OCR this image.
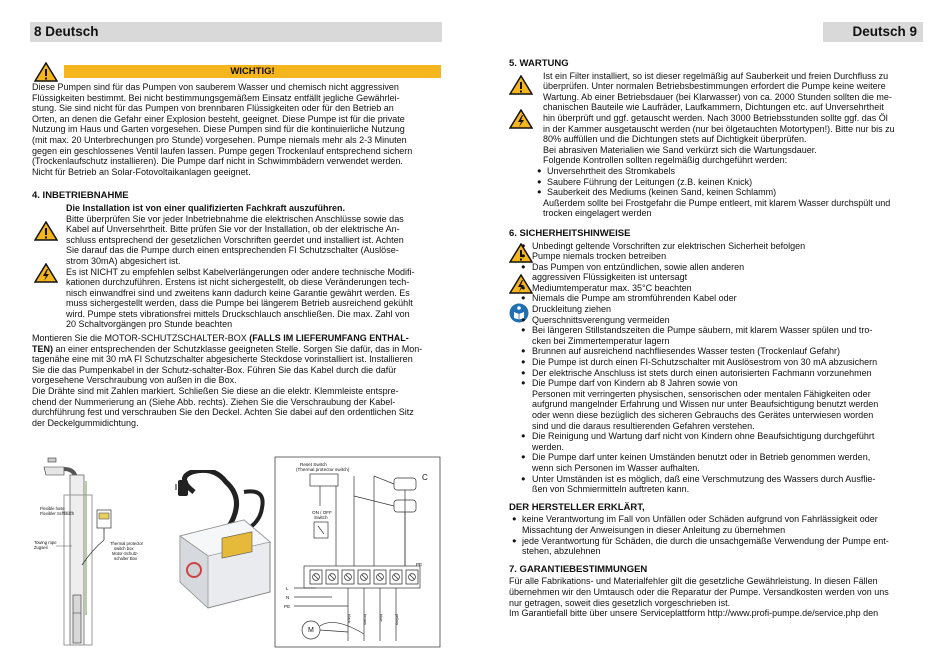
8 Deutsch	Deutsch 9
WICHTIG!

Diese Pumpen sind für das Pumpen von sauberem Wasser und chemisch nicht aggressiven

Flüssigkeiten bestimmt. Bei nicht bestimmungsgemäßem Einsatz entfällt jegliche Gewährlei-

stung. Sie sind nicht für das Pumpen von brennbaren Flüssigkeiten oder für den Betrieb an

Orten, an denen die Gefahr einer Explosion besteht, geeignet. Diese Pumpe ist für die private

Nutzung im Haus und Garten vorgesehen. Diese Pumpen sind für die kontinuierliche Nutzung

(mit max. 20 Unterbrechungen pro Stunde) vorgesehen. Pumpe niemals mehr als 2-3 Minuten

gegen ein geschlossenes Ventil laufen lassen. Pumpe gegen Trockenlauf entsprechend sichern

(Trockenlaufschutz installieren). Die Pumpe darf nicht in Schwimmbädern verwendet werden.

Nicht für Betrieb an Solar-Fotovoltaikanlagen geeignet.

4. INBETRIEBNAHME

Die Installation ist von einer qualifizierten Fachkraft auszuführen.

Bitte überprüfen Sie vor jeder Inbetriebnahme die elektrischen Anschlüsse sowie das

Kabel auf Unversehrtheit. Bitte prüfen Sie vor der Installation, ob der elektrische An-

schluss entsprechend der gesetzlichen Vorschriften geerdet und installiert ist. Achten

Sie darauf das die Pumpe durch einen entsprechenden FI Schutzschalter (Auslöse-

strom 30mA) abgesichert ist.

Es ist NICHT zu empfehlen selbst Kabelverlängerungen oder andere technische Modifi-

kationen durchzuführen. Erstens ist nicht sichergestellt, ob diese Veränderungen tech-

nisch einwandfrei sind und zweitens kann dadurch keine Garantie gewährt werden. Es

muss sichergestellt werden, dass die Pumpe bei längerem Betrieb ausreichend gekühlt

wird. Pumpe stets vibrationsfrei mittels Druckschlauch anschließen. Die max. Zahl von

20 Schaltvorgängen pro Stunde beachten

Montieren Sie die MOTOR-SCHUTZSCHALTER-BOX (FALLS IM LIEFERUMFANG ENTHAL-

TEN) an einer entsprechenden der Schutzklasse geeigneten Stelle. Sorgen Sie dafür, das in Mon-

tagenähe eine mit 30 mA FI Schutzschalter abgesicherte Steckdose vorinstalliert ist. Installieren

Sie die das Pumpenkabel in der Schutz-schalter-Box. Führen Sie das Kabel durch die dafür

vorgesehene Verschraubung von außen in die Box.

Die Drähte sind mit Zahlen markiert. Schließen Sie diese an die elektr. Klemmleiste entspre-

chend der Nummerierung an (Siehe Abb. rechts). Ziehen Sie die Verschraubung der Kabel-

durchführung fest und verschrauben Sie den Deckel. Achten Sie dabei auf den ordentlichen Sitz

der Deckelgummidichtung.

Flexible hose
Flexibler Schlauch
Towing rope
Zugseil
Thermal protector
switch box
Motor-Schutz-
schalter Box
Reset Switch
(Thermal protector switch)
ON / OFF
Switch
C
L
N
PE
PE
black	brown	blue	yellow
M

5. WARTUNG

Ist ein Filter installiert, so ist dieser regelmäßig auf Sauberkeit und freien Durchfluss zu

überprüfen. Unter normalen Betriebsbestimmungen erfordert die Pumpe keine weitere

Wartung. Ab einer Betriebsdauer (bei Klarwasser) von ca. 2000 Stunden sollten die me-

chanischen Bauteile wie Laufräder, Laufkammern, Dichtungen etc. auf Unversehrtheit

hin überprüft und ggf. getauscht werden. Nach 3000 Betriebsstunden sollte ggf. das Öl

in der Kammer ausgetauscht werden (nur bei ölgetauchten Motortypen!). Bitte nur bis zu

80% auffüllen und die Dichtungen stets auf Dichtigkeit überprüfen.

Bei abrasiven Materialien wie Sand verkürzt sich die Wartungsdauer.

Folgende Kontrollen sollten regelmäßig durchgeführt werden:

● Unversehrtheit des Stromkabels
● Saubere Führung der Leitungen (z.B. keinen Knick)
● Sauberkeit des Mediums (keinen Sand, keinen Schlamm)

Außerdem sollte bei Frostgefahr die Pumpe entleert, mit klarem Wasser durchspült und

trocken eingelagert werden

6. SICHERHEITSHINWEISE

● Unbedingt geltende Vorschriften zur elektrischen Sicherheit befolgen

● Pumpe niemals trocken betreiben

● Das Pumpen von entzündlichen, sowie allen anderen

aggressiven Flüssigkeiten ist untersagt

● Mediumtemperatur max. 35°C beachten

● Niemals die Pumpe am stromführenden Kabel oder

Druckleitung ziehen

● Querschnittsverengung vermeiden

● Bei längeren Stillstandszeiten die Pumpe säubern, mit klarem Wasser spülen und tro-

cken bei Zimmertemperatur lagern

● Brunnen auf ausreichend nachfliesendes Wasser testen (Trockenlauf Gefahr)

● Die Pumpe ist durch einen FI-Schutzschalter mit Auslösestrom von 30 mA abzusichern

● Der elektrische Anschluss ist stets durch einen autorisierten Fachmann vorzunehmen

● Die Pumpe darf von Kindern ab 8 Jahren sowie von

Personen mit verringerten physischen, sensorischen oder mentalen Fähigkeiten oder

aufgrund mangelnder Erfahrung und Wissen nur unter Beaufsichtigung benutzt werden

oder wenn diese bezüglich des sicheren Gebrauchs des Gerätes unterwiesen worden

sind und die daraus resultierenden Gefahren verstehen.

● Die Reinigung und Wartung darf nicht von Kindern ohne Beaufsichtigung durchgeführt

werden.

● Die Pumpe darf unter keinen Umständen benutzt oder in Betrieb genommen werden,

wenn sich Personen im Wasser aufhalten.

● Unter Umständen ist es möglich, daß eine Verschmutzung des Wassers durch Ausflie-

ßen von Schmiermitteln auftreten kann.

DER HERSTELLER ERKLÄRT,

● keine Verantwortung im Fall von Unfällen oder Schäden aufgrund von Fahrlässigkeit oder

Missachtung der Anweisungen in dieser Anleitung zu übernehmen

● jede Verantwortung für Schäden, die durch die unsachgemäße Verwendung der Pumpe ent-

stehen, abzulehnen

7. GARANTIEBESTIMMUNGEN

Für alle Fabrikations- und Materialfehler gilt die gesetzliche Gewährleistung. In diesen Fällen

übernehmen wir den Umtausch oder die Reparatur der Pumpe. Versandkosten werden von uns

nur getragen, soweit dies gesetzlich vorgeschrieben ist.

Im Garantiefall bitte über unsere Serviceplattform http://www.profi-pumpe.de/service.php den
